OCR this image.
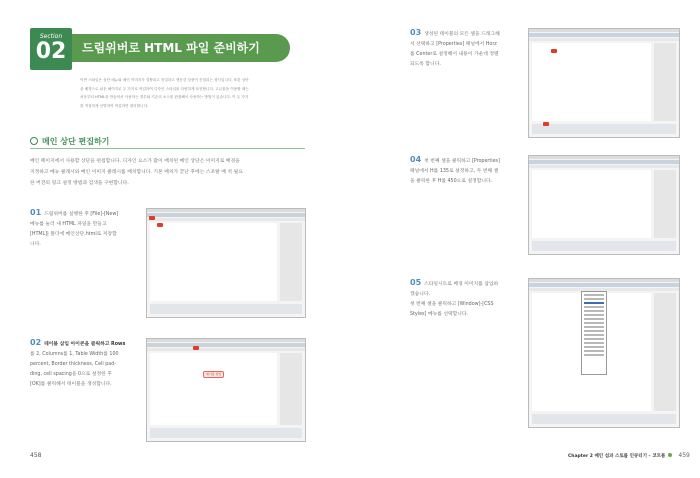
Section
02	드림위버로 HTML 파일 준비하기

이번 스타일은 상단 메뉴와 메인 이미지가 결합되고 친밀하고 생동감 상품이 진열되는 형식입니다. 또한 상단

을 배경으로 쉬운 페이지로 두 가지로 작업하여 디자인 스타일을 다양하게 표현합니다. 고급물을 이용할 때는

처음부터 HTML을 만들어서 사용하는 경우와 기존의 소스를 편집해서 사용하는 방법이 있습니다. 이 두 가지

를 적절하게 선별하여 작업하면 편리합니다.

메인 상단 편집하기
메인 페이지에서 사용할 상단을 편집합니다. 디자인 요소가 많이 배치된 메인 상단은 이미지로 배경을
지정하고 메뉴 클래시와 메인 이미지 클래시를 배치합니다. 기본 배치가 끝난 후에는 스포탈 배 적 필요
한 버전의 링크 설정 방법과 검색을 구현합니다.
01 드림위버를 실행한 후 [File]-[New]
메뉴를 눌러 새 HTML 파일을 만들고
[HTML]| 폴더에 메인상단.html로 저장합
니다.
02 테이블 삽입 아이콘을 클릭하고 Rows
를 2, Columns를 1, Table Width를 100
percent, Border thickness, Cell pad-
ding, cell spacing을 0으로 설정한 후
[OK]를 클릭해서 테이블을 생성합니다.
테이블 삽입
458
03 생성된 테이블의 모든 셀을 드래그해
서 선택하고 [Properties] 패널에서 Horz
를 Center로 설정해서 내용이 가운데 정렬
되도록 합니다.
04 첫 번째 셀을 클릭하고 [Properties]
패널에서 H를 135로 설정하고, 두 번째 셀
을 클릭한 후 H를 450으로 설정합니다.
05 스타일시트로 배경 이미지를 삽입하
겠습니다.
첫 번째 셀을 클릭하고 [Window]-[CSS
Styles] 메뉴를 선택합니다.
Chapter 2 메인 섬과 스토를 인큐터기 – 코트롬 459
